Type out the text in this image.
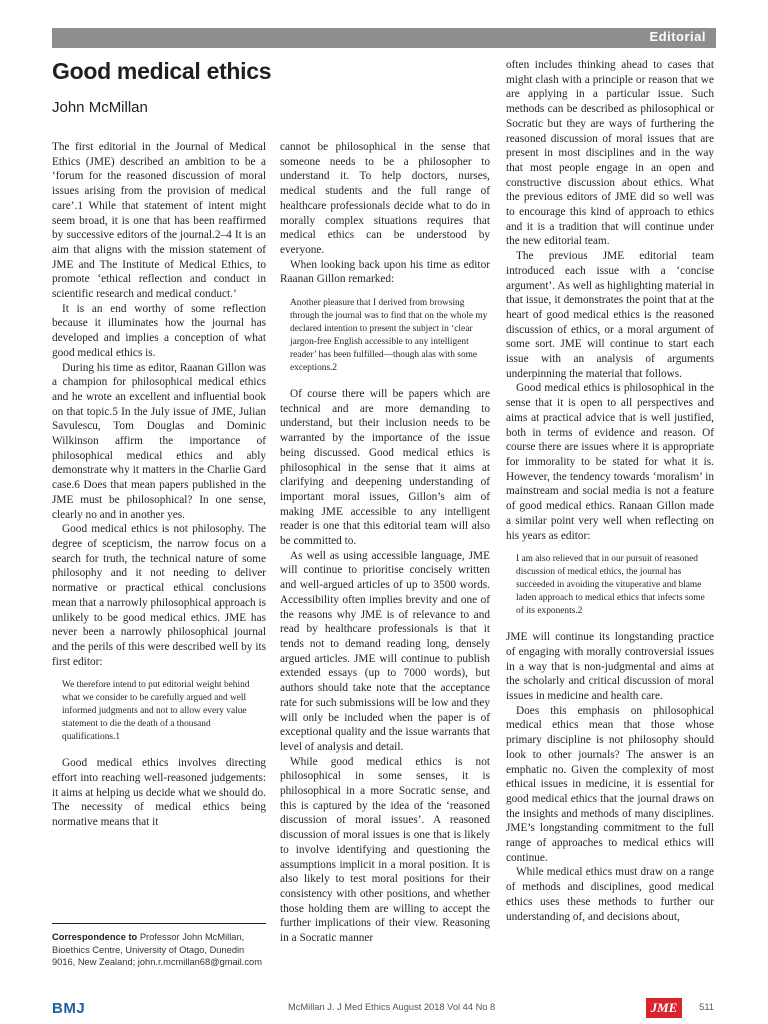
Editorial
Good medical ethics
John McMillan

The first editorial in the Journal of Medical Ethics (JME) described an ambition to be a ‘forum for the reasoned discussion of moral issues arising from the provision of medical care’.1 While that statement of intent might seem broad, it is one that has been reaffirmed by successive editors of the journal.2–4 It is an aim that aligns with the mission statement of JME and The Institute of Medical Ethics, to promote ‘ethical reflection and conduct in scientific research and medical conduct.’

It is an end worthy of some reflection because it illuminates how the journal has developed and implies a conception of what good medical ethics is.

During his time as editor, Raanan Gillon was a champion for philosophical medical ethics and he wrote an excellent and influential book on that topic.5 In the July issue of JME, Julian Savulescu, Tom Douglas and Dominic Wilkinson affirm the importance of philosophical medical ethics and ably demonstrate why it matters in the Charlie Gard case.6 Does that mean papers published in the JME must be philosophical? In one sense, clearly no and in another yes.

Good medical ethics is not philosophy. The degree of scepticism, the narrow focus on a search for truth, the technical nature of some philosophy and it not needing to deliver normative or practical ethical conclusions mean that a narrowly philosophical approach is unlikely to be good medical ethics. JME has never been a narrowly philosophical journal and the perils of this were described well by its first editor:

We therefore intend to put editorial weight behind what we consider to be carefully argued and well informed judgments and not to allow every value statement to die the death of a thousand qualifications.1

Good medical ethics involves directing effort into reaching well-reasoned judgements: it aims at helping us decide what we should do. The necessity of medical ethics being normative means that it

cannot be philosophical in the sense that someone needs to be a philosopher to understand it. To help doctors, nurses, medical students and the full range of healthcare professionals decide what to do in morally complex situations requires that medical ethics can be understood by everyone.

When looking back upon his time as editor Raanan Gillon remarked:

Another pleasure that I derived from browsing through the journal was to find that on the whole my declared intention to present the subject in ‘clear jargon-free English accessible to any intelligent reader’ has been fulfilled—though alas with some exceptions.2

Of course there will be papers which are technical and are more demanding to understand, but their inclusion needs to be warranted by the importance of the issue being discussed. Good medical ethics is philosophical in the sense that it aims at clarifying and deepening understanding of important moral issues, Gillon’s aim of making JME accessible to any intelligent reader is one that this editorial team will also be committed to.

As well as using accessible language, JME will continue to prioritise concisely written and well-argued articles of up to 3500 words. Accessibility often implies brevity and one of the reasons why JME is of relevance to and read by healthcare professionals is that it tends not to demand reading long, densely argued articles. JME will continue to publish extended essays (up to 7000 words), but authors should take note that the acceptance rate for such submissions will be low and they will only be included when the paper is of exceptional quality and the issue warrants that level of analysis and detail.

While good medical ethics is not philosophical in some senses, it is philosophical in a more Socratic sense, and this is captured by the idea of the ‘reasoned discussion of moral issues’. A reasoned discussion of moral issues is one that is likely to involve identifying and questioning the assumptions implicit in a moral position. It is also likely to test moral positions for their consistency with other positions, and whether those holding them are willing to accept the further implications of their view. Reasoning in a Socratic manner

often includes thinking ahead to cases that might clash with a principle or reason that we are applying in a particular issue. Such methods can be described as philosophical or Socratic but they are ways of furthering the reasoned discussion of moral issues that are present in most disciplines and in the way that most people engage in an open and constructive discussion about ethics. What the previous editors of JME did so well was to encourage this kind of approach to ethics and it is a tradition that will continue under the new editorial team.

The previous JME editorial team introduced each issue with a ‘concise argument’. As well as highlighting material in that issue, it demonstrates the point that at the heart of good medical ethics is the reasoned discussion of ethics, or a moral argument of some sort. JME will continue to start each issue with an analysis of arguments underpinning the material that follows.

Good medical ethics is philosophical in the sense that it is open to all perspectives and aims at practical advice that is well justified, both in terms of evidence and reason. Of course there are issues where it is appropriate for immorality to be stated for what it is. However, the tendency towards ‘moralism’ in mainstream and social media is not a feature of good medical ethics. Ranaan Gillon made a similar point very well when reflecting on his years as editor:

I am also relieved that in our pursuit of reasoned discussion of medical ethics, the journal has succeeded in avoiding the vituperative and blame laden approach to medical ethics that infects some of its exponents.2

JME will continue its longstanding practice of engaging with morally controversial issues in a way that is non-judgmental and aims at the scholarly and critical discussion of moral issues in medicine and health care.

Does this emphasis on philosophical medical ethics mean that those whose primary discipline is not philosophy should look to other journals? The answer is an emphatic no. Given the complexity of most ethical issues in medicine, it is essential for good medical ethics that the journal draws on the insights and methods of many disciplines. JME’s longstanding commitment to the full range of approaches to medical ethics will continue.

While medical ethics must draw on a range of methods and disciplines, good medical ethics uses these methods to further our understanding of, and decisions about,

Correspondence to Professor John McMillan, Bioethics Centre, University of Otago, Dunedin 9016, New Zealand; john.r.mcmillan68@gmail.com
BMJ	McMillan J. J Med Ethics August 2018 Vol 44 No 8	JME	511
